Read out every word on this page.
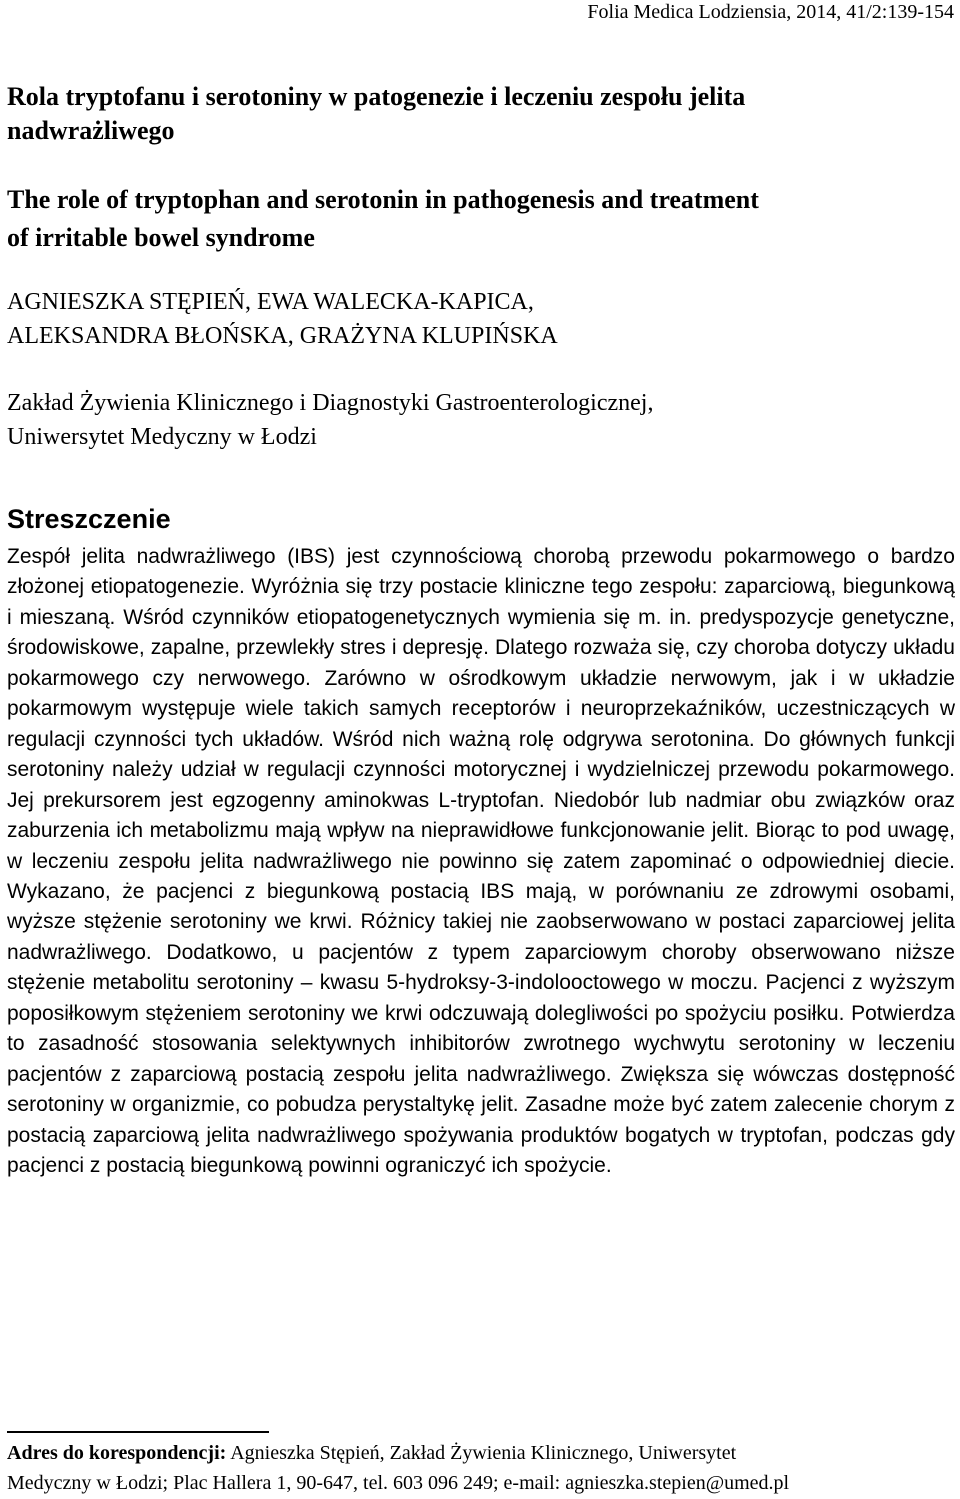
Folia Medica Lodziensia, 2014, 41/2:139-154
Rola tryptofanu i serotoniny w patogenezie i leczeniu zespołu jelita
nadwrażliwego
The role of tryptophan and serotonin in pathogenesis and treatment
of irritable bowel syndrome

AGNIESZKA STĘPIEŃ, EWA WALECKA-KAPICA,
ALEKSANDRA BŁOŃSKA, GRAŻYNA KLUPIŃSKA

Zakład Żywienia Klinicznego i Diagnostyki Gastroenterologicznej,
Uniwersytet Medyczny w Łodzi

Streszczenie

Zespół jelita nadwrażliwego (IBS) jest czynnościową chorobą przewodu pokarmowego o bardzo złożonej etiopatogenezie. Wyróżnia się trzy postacie kliniczne tego zespołu: zaparciową, biegunkową i mieszaną. Wśród czynników etiopatogenetycznych wymienia się m. in. predyspozycje genetyczne, środowiskowe, zapalne, przewlekły stres i depresję. Dlatego rozważa się, czy choroba dotyczy układu pokarmowego czy nerwowego. Zarówno w ośrodkowym układzie nerwowym, jak i w układzie pokarmowym występuje wiele takich samych receptorów i neuroprzekaźników, uczestniczących w regulacji czynności tych układów. Wśród nich ważną rolę odgrywa serotonina. Do głównych funkcji serotoniny należy udział w regulacji czynności motorycznej i wydzielniczej przewodu pokarmowego. Jej prekursorem jest egzogenny aminokwas L-tryptofan. Niedobór lub nadmiar obu związków oraz zaburzenia ich metabolizmu mają wpływ na nieprawidłowe funkcjonowanie jelit. Biorąc to pod uwagę, w leczeniu zespołu jelita nadwrażliwego nie powinno się zatem zapominać o odpowiedniej diecie. Wykazano, że pacjenci z biegunkową postacią IBS mają, w porównaniu ze zdrowymi osobami, wyższe stężenie serotoniny we krwi. Różnicy takiej nie zaobserwowano w postaci zaparciowej jelita nadwrażliwego. Dodatkowo, u pacjentów z typem zaparciowym choroby obserwowano niższe stężenie metabolitu serotoniny – kwasu 5-hydroksy-3-indolooctowego w moczu. Pacjenci z wyższym poposiłkowym stężeniem serotoniny we krwi odczuwają dolegliwości po spożyciu posiłku. Potwierdza to zasadność stosowania selektywnych inhibitorów zwrotnego wychwytu serotoniny w leczeniu pacjentów z zaparciową postacią zespołu jelita nadwrażliwego. Zwiększa się wówczas dostępność serotoniny w organizmie, co pobudza perystaltykę jelit. Zasadne może być zatem zalecenie chorym z postacią zaparciową jelita nadwrażliwego spożywania produktów bogatych w tryptofan, podczas gdy pacjenci z postacią biegunkową powinni ograniczyć ich spożycie.

Adres do korespondencji: Agnieszka Stępień, Zakład Żywienia Klinicznego, Uniwersytet
Medyczny w Łodzi; Plac Hallera 1, 90-647, tel. 603 096 249; e-mail: agnieszka.stepien@umed.pl
